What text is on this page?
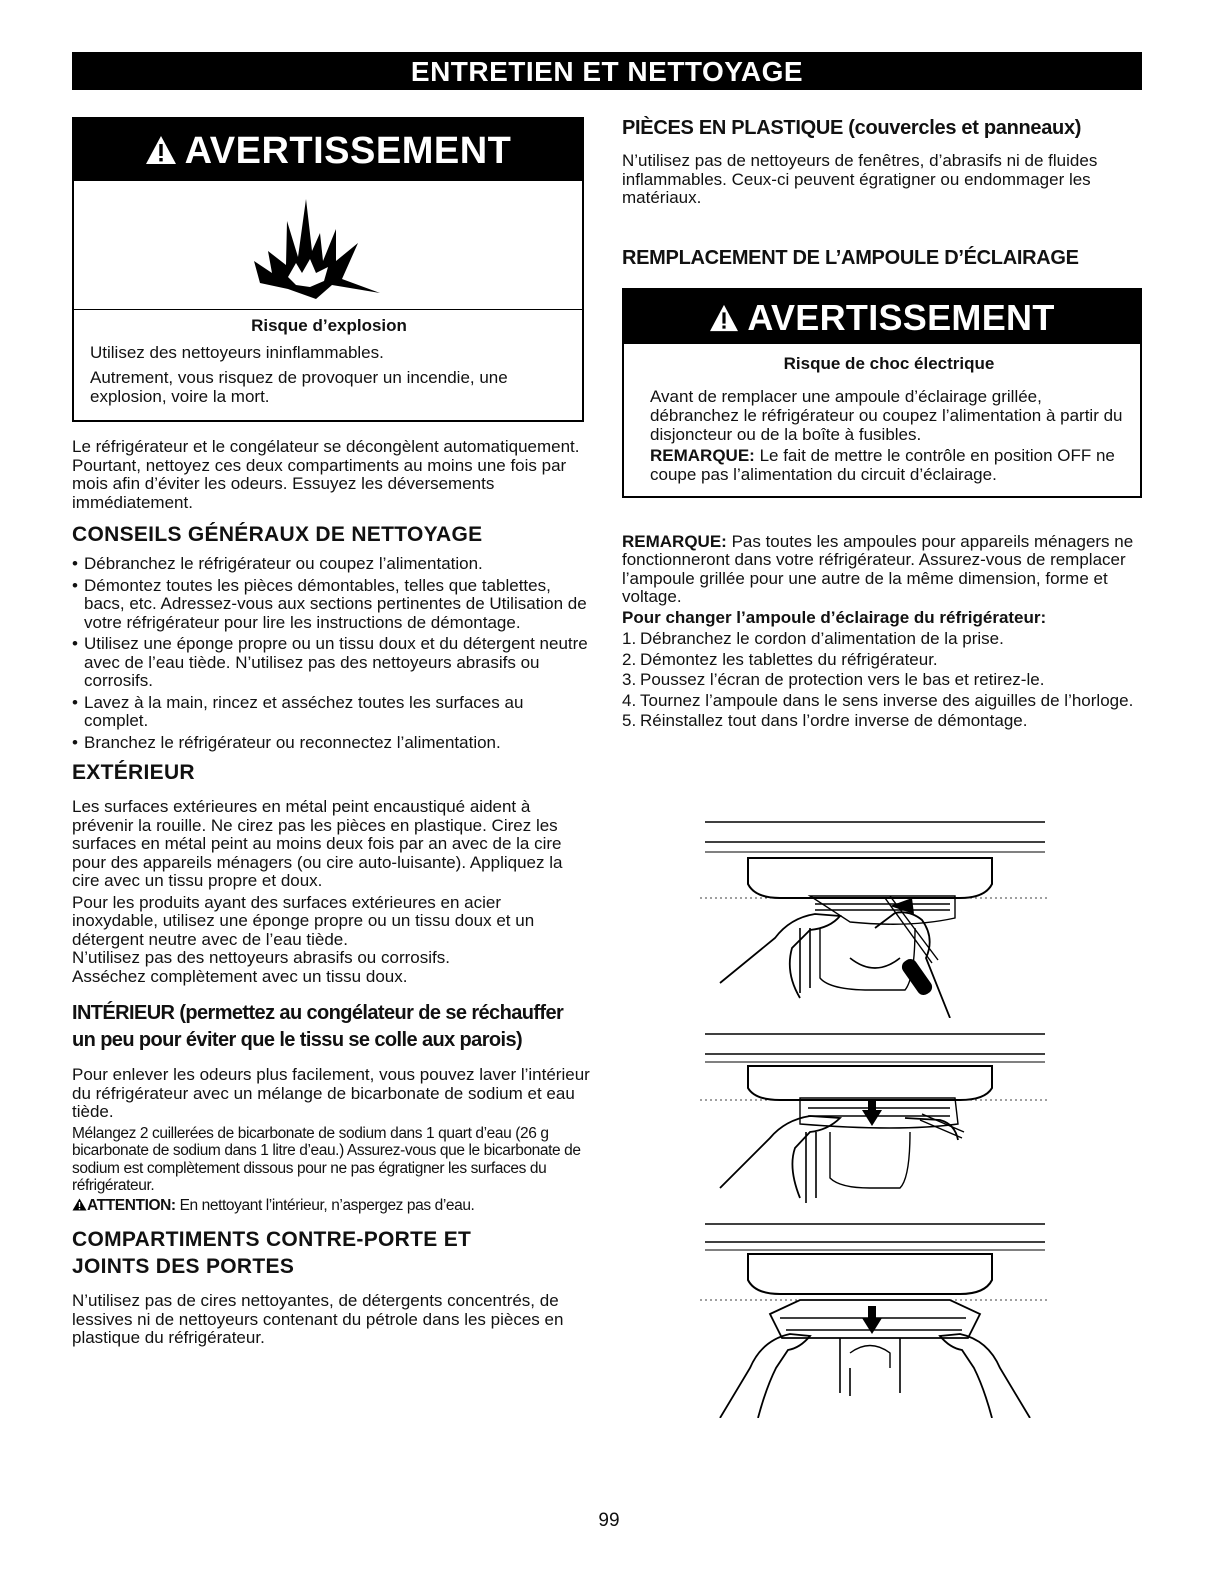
ENTRETIEN ET NETTOYAGE
AVERTISSEMENT
Risque d’explosion

Utilisez des nettoyeurs ininflammables.

Autrement, vous risquez de provoquer un incendie, une explosion, voire la mort.

Le réfrigérateur et le congélateur se décongèlent automatiquement. Pourtant, nettoyez ces deux compartiments au moins une fois par mois afin d’éviter les odeurs. Essuyez les déversements immédiatement.

CONSEILS GÉNÉRAUX DE NETTOYAGE
• Débranchez le réfrigérateur ou coupez l’alimentation.
• Démontez toutes les pièces démontables, telles que tablettes, bacs, etc. Adressez-vous aux sections pertinentes de Utilisation de votre réfrigérateur pour lire les instructions de démontage.
• Utilisez une éponge propre ou un tissu doux et du détergent neutre avec de l’eau tiède. N’utilisez pas des nettoyeurs abrasifs ou corrosifs.
• Lavez à la main, rincez et asséchez toutes les surfaces au complet.
• Branchez le réfrigérateur ou reconnectez l’alimentation.
EXTÉRIEUR

Les surfaces extérieures en métal peint encaustiqué aident à prévenir la rouille. Ne cirez pas les pièces en plastique. Cirez les surfaces en métal peint au moins deux fois par an avec de la cire pour des appareils ménagers (ou cire auto-luisante). Appliquez la cire avec un tissu propre et doux.

Pour les produits ayant des surfaces extérieures en acier inoxydable, utilisez une éponge propre ou un tissu doux et un détergent neutre avec de l’eau tiède.

N’utilisez pas des nettoyeurs abrasifs ou corrosifs.

Asséchez complètement avec un tissu doux.

INTÉRIEUR (permettez au congélateur de se réchauffer
un peu pour éviter que le tissu se colle aux parois)

Pour enlever les odeurs plus facilement, vous pouvez laver l’intérieur du réfrigérateur avec un mélange de bicarbonate de sodium et eau tiède.

Mélangez 2 cuillerées de bicarbonate de sodium dans 1 quart d’eau (26 g bicarbonate de sodium dans 1 litre d’eau.) Assurez-vous que le bicarbonate de sodium est complètement dissous pour ne pas égratigner les surfaces du réfrigérateur.

ATTENTION: En nettoyant l’intérieur, n’aspergez pas d’eau.

COMPARTIMENTS CONTRE-PORTE ET
JOINTS DES PORTES

N’utilisez pas de cires nettoyantes, de détergents concentrés, de lessives ni de nettoyeurs contenant du pétrole dans les pièces en plastique du réfrigérateur.

PIÈCES EN PLASTIQUE (couvercles et panneaux)

N’utilisez pas de nettoyeurs de fenêtres, d’abrasifs ni de fluides inflammables. Ceux-ci peuvent égratigner ou endommager les matériaux.

REMPLACEMENT DE L’AMPOULE D’ÉCLAIRAGE
AVERTISSEMENT
Risque de choc électrique

Avant de remplacer une ampoule d’éclairage grillée, débranchez le réfrigérateur ou coupez l’alimentation à partir du disjoncteur ou de la boîte à fusibles.

REMARQUE: Le fait de mettre le contrôle en position OFF ne coupe pas l’alimentation du circuit d’éclairage.

REMARQUE: Pas toutes les ampoules pour appareils ménagers ne fonctionneront dans votre réfrigérateur. Assurez-vous de remplacer l’ampoule grillée pour une autre de la même dimension, forme et voltage.

Pour changer l’ampoule d’éclairage du réfrigérateur:

1. Débranchez le cordon d’alimentation de la prise.
2. Démontez les tablettes du réfrigérateur.
3. Poussez l’écran de protection vers le bas et retirez-le.
4. Tournez l’ampoule dans le sens inverse des aiguilles de l’horloge.
5. Réinstallez tout dans l’ordre inverse de démontage.
99
